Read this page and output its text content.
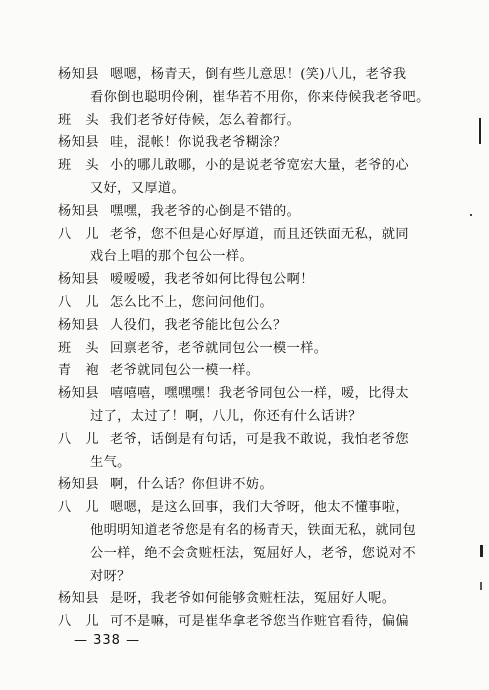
杨知县 嗯嗯，杨青天，倒有些儿意思！(笑)八儿，老爷我
看你倒也聪明伶俐，崔华若不用你，你来侍候我老爷吧。
班　头 我们老爷好侍候，怎么着都行。
杨知县 哇，混帐！你说我老爷糊涂？
班　头 小的哪儿敢哪，小的是说老爷宽宏大量，老爷的心
又好，又厚道。
杨知县 嘿嘿，我老爷的心倒是不错的。
八　儿 老爷，您不但是心好厚道，而且还铁面无私，就同
戏台上唱的那个包公一样。
杨知县 嗳嗳嗳，我老爷如何比得包公啊！
八　儿 怎么比不上，您问问他们。
杨知县 人役们，我老爷能比包公么？
班　头 回禀老爷，老爷就同包公一模一样。
青　袍 老爷就同包公一模一样。
杨知县 嘻嘻嘻，嘿嘿嘿！我老爷同包公一样，嗳，比得太
过了，太过了！啊，八儿，你还有什么话讲？
八　儿 老爷，话倒是有句话，可是我不敢说，我怕老爷您
生气。
杨知县 啊，什么话？你但讲不妨。
八　儿 嗯嗯，是这么回事，我们大爷呀，他太不懂事啦，
他明明知道老爷您是有名的杨青天，铁面无私，就同包
公一样，绝不会贪赃枉法，冤屈好人，老爷，您说对不
对呀？
杨知县 是呀，我老爷如何能够贪赃枉法，冤屈好人呢。
八　儿 可不是嘛，可是崔华拿老爷您当作赃官看待，偏偏
— 338 —
